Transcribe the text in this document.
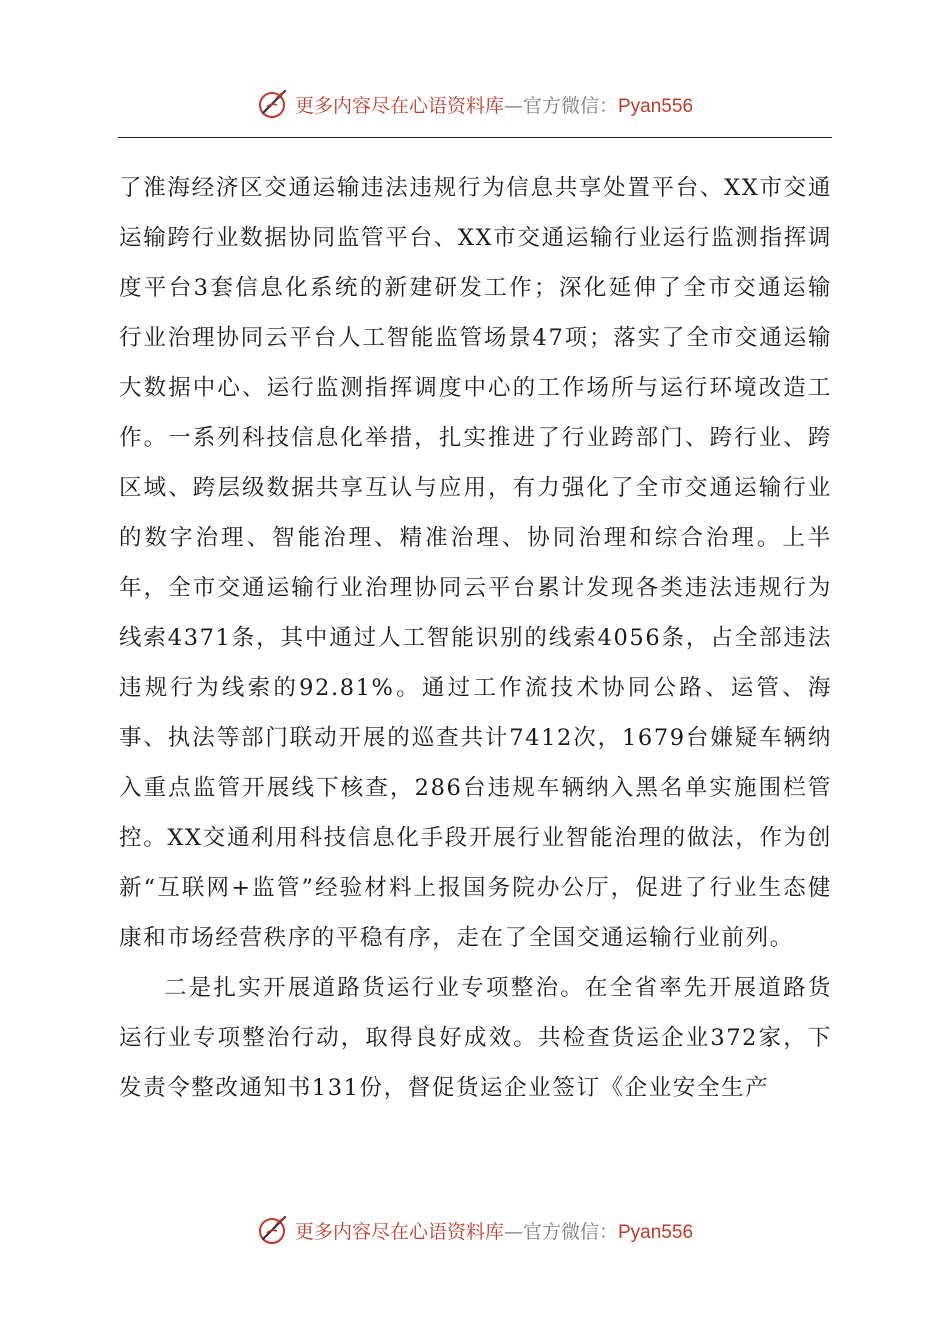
更多内容尽在心语资料库—官方微信：Pyan556

了淮海经济区交通运输违法违规行为信息共享处置平台、XX市交通运输跨行业数据协同监管平台、XX市交通运输行业运行监测指挥调度平台3套信息化系统的新建研发工作；深化延伸了全市交通运输行业治理协同云平台人工智能监管场景47项；落实了全市交通运输大数据中心、运行监测指挥调度中心的工作场所与运行环境改造工作。一系列科技信息化举措，扎实推进了行业跨部门、跨行业、跨区域、跨层级数据共享互认与应用，有力强化了全市交通运输行业的数字治理、智能治理、精准治理、协同治理和综合治理。上半年，全市交通运输行业治理协同云平台累计发现各类违法违规行为线索4371条，其中通过人工智能识别的线索4056条，占全部违法违规行为线索的92.81%。通过工作流技术协同公路、运管、海事、执法等部门联动开展的巡查共计7412次，1679台嫌疑车辆纳入重点监管开展线下核查，286台违规车辆纳入黑名单实施围栏管控。XX交通利用科技信息化手段开展行业智能治理的做法，作为创新“互联网+监管”经验材料上报国务院办公厅，促进了行业生态健康和市场经营秩序的平稳有序，走在了全国交通运输行业前列。

二是扎实开展道路货运行业专项整治。在全省率先开展道路货运行业专项整治行动，取得良好成效。共检查货运企业372家，下发责令整改通知书131份，督促货运企业签订《企业安全生产

更多内容尽在心语资料库—官方微信：Pyan556
